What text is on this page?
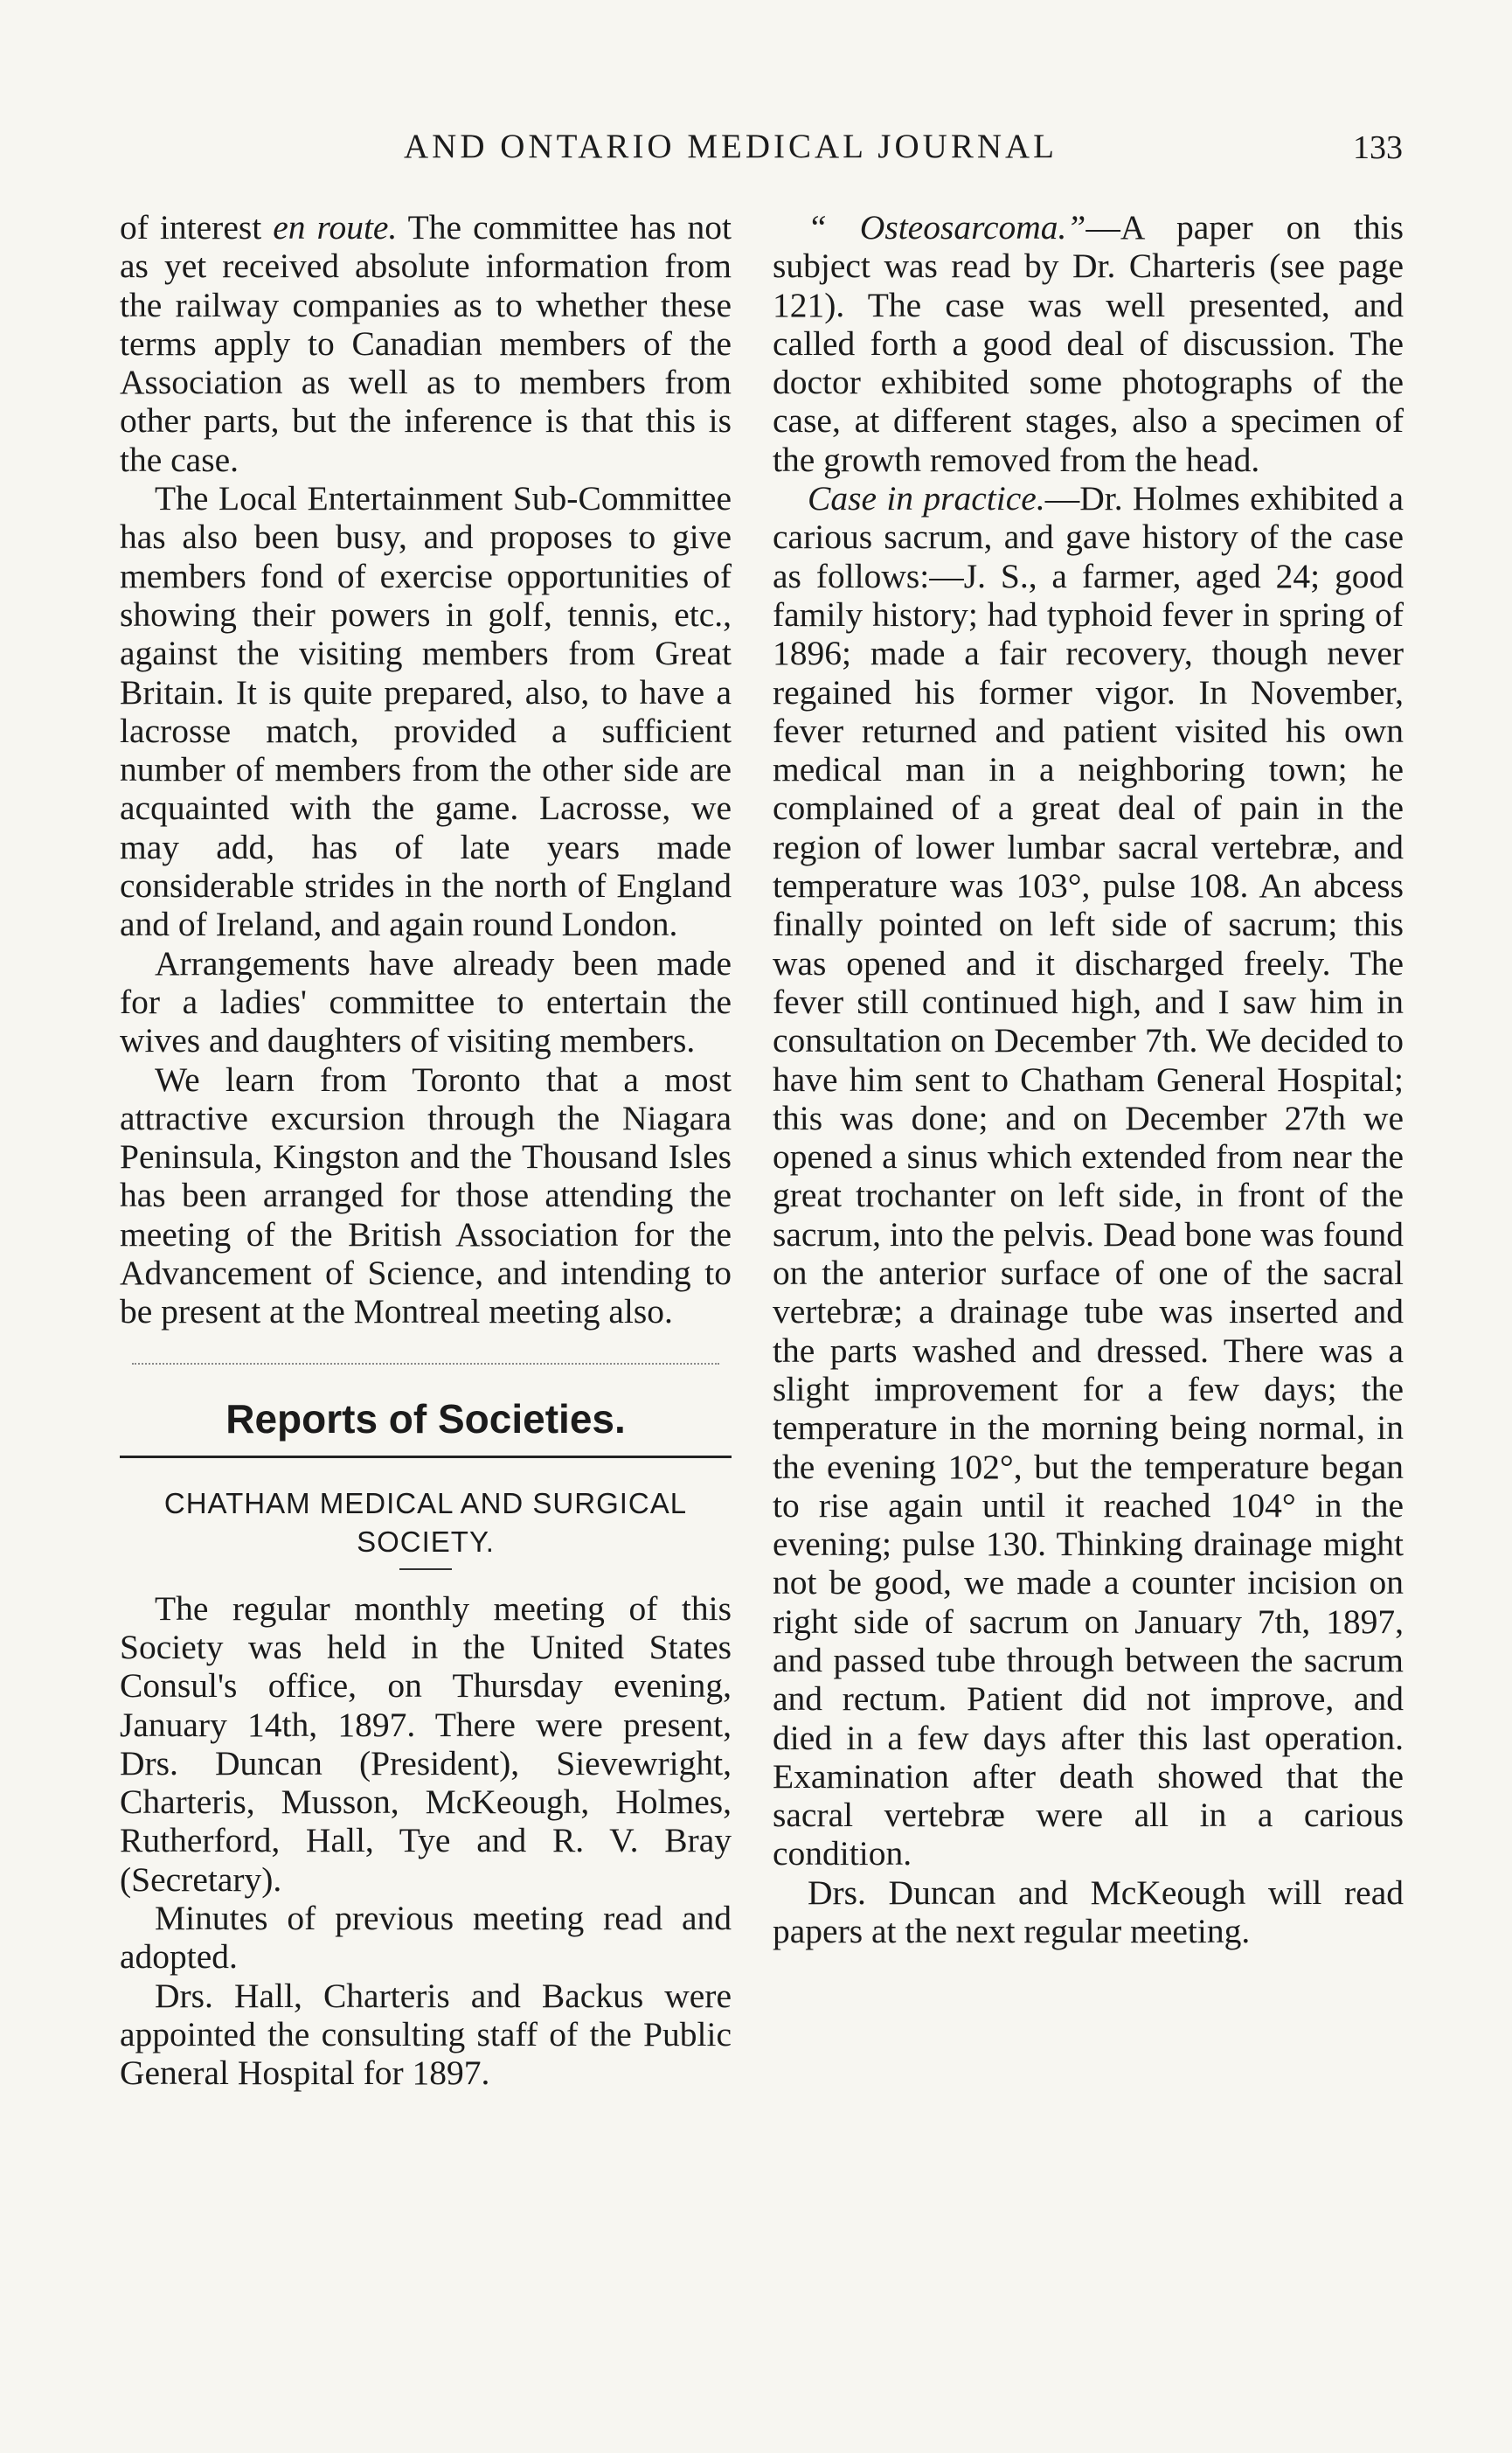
AND ONTARIO MEDICAL JOURNAL	133

of interest en route. The committee has not as yet received absolute information from the railway companies as to whether these terms apply to Canadian members of the Association as well as to members from other parts, but the inference is that this is the case.

The Local Entertainment Sub-Committee has also been busy, and proposes to give members fond of exercise opportunities of showing their powers in golf, tennis, etc., against the visiting members from Great Britain. It is quite prepared, also, to have a lacrosse match, provided a sufficient number of members from the other side are acquainted with the game. Lacrosse, we may add, has of late years made considerable strides in the north of England and of Ireland, and again round London.

Arrangements have already been made for a ladies' committee to entertain the wives and daughters of visiting members.

We learn from Toronto that a most attractive excursion through the Niagara Peninsula, Kingston and the Thousand Isles has been arranged for those attending the meeting of the British Association for the Advancement of Science, and intending to be present at the Montreal meeting also.

Reports of Societies.
CHATHAM MEDICAL AND SURGICAL SOCIETY.

The regular monthly meeting of this Society was held in the United States Consul's office, on Thursday evening, January 14th, 1897. There were present, Drs. Duncan (President), Sievewright, Charteris, Musson, McKeough, Holmes, Rutherford, Hall, Tye and R. V. Bray (Secretary).

Minutes of previous meeting read and adopted.

Drs. Hall, Charteris and Backus were appointed the consulting staff of the Public General Hospital for 1897.

“ Osteosarcoma.”—A paper on this subject was read by Dr. Charteris (see page 121). The case was well presented, and called forth a good deal of discussion. The doctor exhibited some photographs of the case, at different stages, also a specimen of the growth removed from the head.

Case in practice.—Dr. Holmes exhibited a carious sacrum, and gave history of the case as follows:—J. S., a farmer, aged 24; good family history; had typhoid fever in spring of 1896; made a fair recovery, though never regained his former vigor. In November, fever returned and patient visited his own medical man in a neighboring town; he complained of a great deal of pain in the region of lower lumbar sacral vertebræ, and temperature was 103°, pulse 108. An abcess finally pointed on left side of sacrum; this was opened and it discharged freely. The fever still continued high, and I saw him in consultation on December 7th. We decided to have him sent to Chatham General Hospital; this was done; and on December 27th we opened a sinus which extended from near the great trochanter on left side, in front of the sacrum, into the pelvis. Dead bone was found on the anterior surface of one of the sacral vertebræ; a drainage tube was inserted and the parts washed and dressed. There was a slight improvement for a few days; the temperature in the morning being normal, in the evening 102°, but the temperature began to rise again until it reached 104° in the evening; pulse 130. Thinking drainage might not be good, we made a counter incision on right side of sacrum on January 7th, 1897, and passed tube through between the sacrum and rectum. Patient did not improve, and died in a few days after this last operation. Examination after death showed that the sacral vertebræ were all in a carious condition.

Drs. Duncan and McKeough will read papers at the next regular meeting.
